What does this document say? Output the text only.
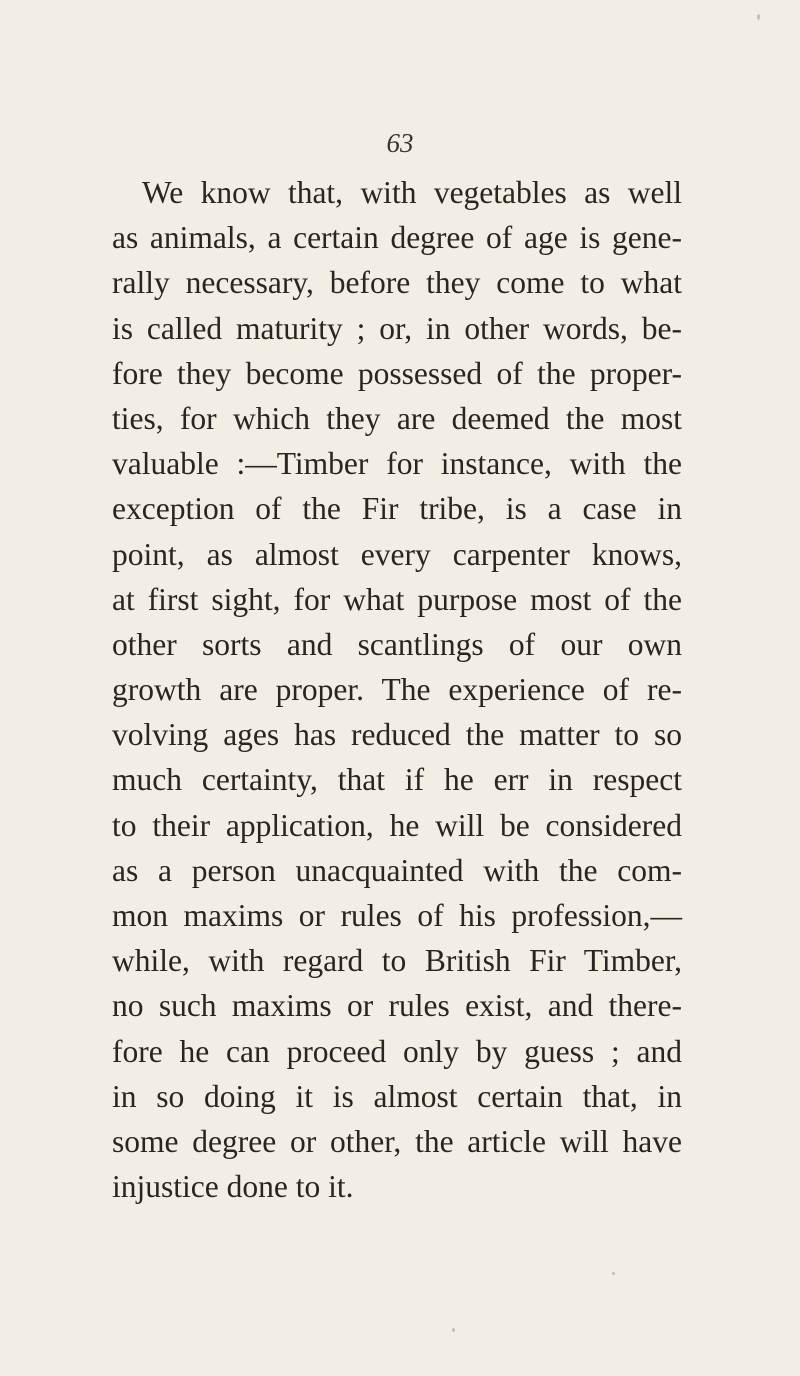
63
We know that, with vegetables as well
as animals, a certain degree of age is gene-
rally necessary, before they come to what
is called maturity ; or, in other words, be-
fore they become possessed of the proper-
ties, for which they are deemed the most
valuable :—Timber for instance, with the
exception of the Fir tribe, is a case in
point, as almost every carpenter knows,
at first sight, for what purpose most of the
other sorts and scantlings of our own
growth are proper. The experience of re-
volving ages has reduced the matter to so
much certainty, that if he err in respect
to their application, he will be considered
as a person unacquainted with the com-
mon maxims or rules of his profession,—
while, with regard to British Fir Timber,
no such maxims or rules exist, and there-
fore he can proceed only by guess ; and
in so doing it is almost certain that, in
some degree or other, the article will have
injustice done to it.
